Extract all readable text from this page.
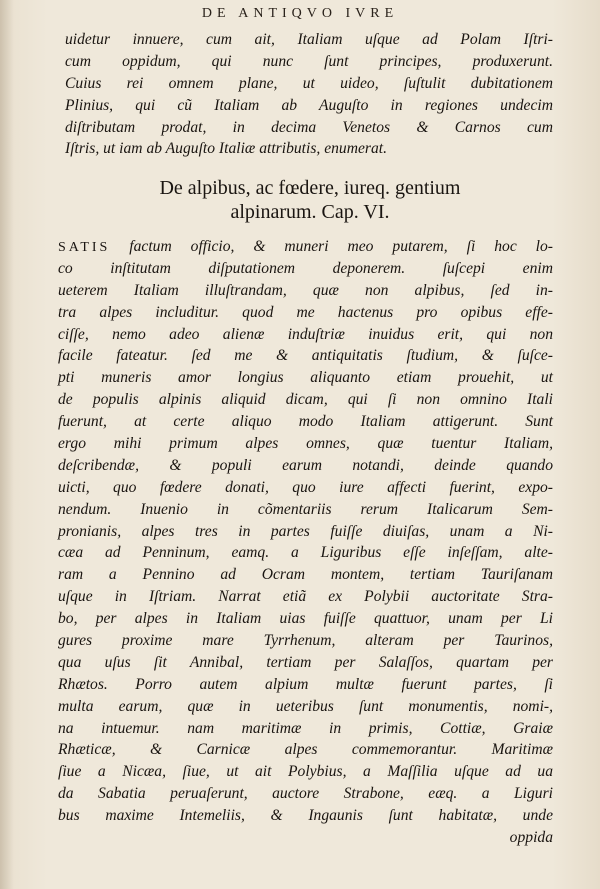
DE ANTIQVO IVRE
uidetur innuere, cum ait, Italiam uſque ad Polam Iſtri-
cum oppidum, qui nunc ſunt principes, produxerunt.
Cuius rei omnem plane, ut uideo, ſuſtulit dubitationem
Plinius, qui cũ Italiam ab Auguſto in regiones undecim
diſtributam prodat, in decima Venetos & Carnos cum
Iſtris, ut iam ab Auguſto Italiæ attributis, enumerat.
De alpibus, ac fœdere, iureq. gentium
alpinarum. Cap. VI.
SATIS factum officio, & muneri meo putarem, ſi hoc lo-
co inſtitutam diſputationem deponerem. ſuſcepi enim
ueterem Italiam illuſtrandam, quæ non alpibus, ſed in-
tra alpes includitur. quod me hactenus pro opibus effe-
ciſſe, nemo adeo alienæ induſtriæ inuidus erit, qui non
facile fateatur. ſed me & antiquitatis ſtudium, & ſuſce-
pti muneris amor longius aliquanto etiam prouehit, ut
de populis alpinis aliquid dicam, qui ſi non omnino Itali
fuerunt, at certe aliquo modo Italiam attigerunt. Sunt
ergo mihi primum alpes omnes, quæ tuentur Italiam,
deſcribendæ, & populi earum notandi, deinde quando
uicti, quo fœdere donati, quo iure affecti fuerint, expo-
nendum. Inuenio in cõmentariis rerum Italicarum Sem-
pronianis, alpes tres in partes fuiſſe diuiſas, unam a Ni-
cæa ad Penninum, eamq. a Liguribus eſſe inſeſſam, alte-
ram a Pennino ad Ocram montem, tertiam Tauriſanam
uſque in Iſtriam. Narrat etiã ex Polybii auctoritate Stra-
bo, per alpes in Italiam uias fuiſſe quattuor, unam per Li
gures proxime mare Tyrrhenum, alteram per Taurinos,
qua uſus ſit Annibal, tertiam per Salaſſos, quartam per
Rhætos. Porro autem alpium multæ fuerunt partes, ſi
multa earum, quæ in ueteribus ſunt monumentis, nomi-,
na intuemur. nam maritimæ in primis, Cottiæ, Graiæ
Rhæticæ, & Carnicæ alpes commemorantur. Maritimæ
ſiue a Nicæa, ſiue, ut ait Polybius, a Maſſilia uſque ad ua
da Sabatia peruaſerunt, auctore Strabone, eæq. a Liguri
bus maxime Intemeliis, & Ingaunis ſunt habitatæ, unde
oppida
